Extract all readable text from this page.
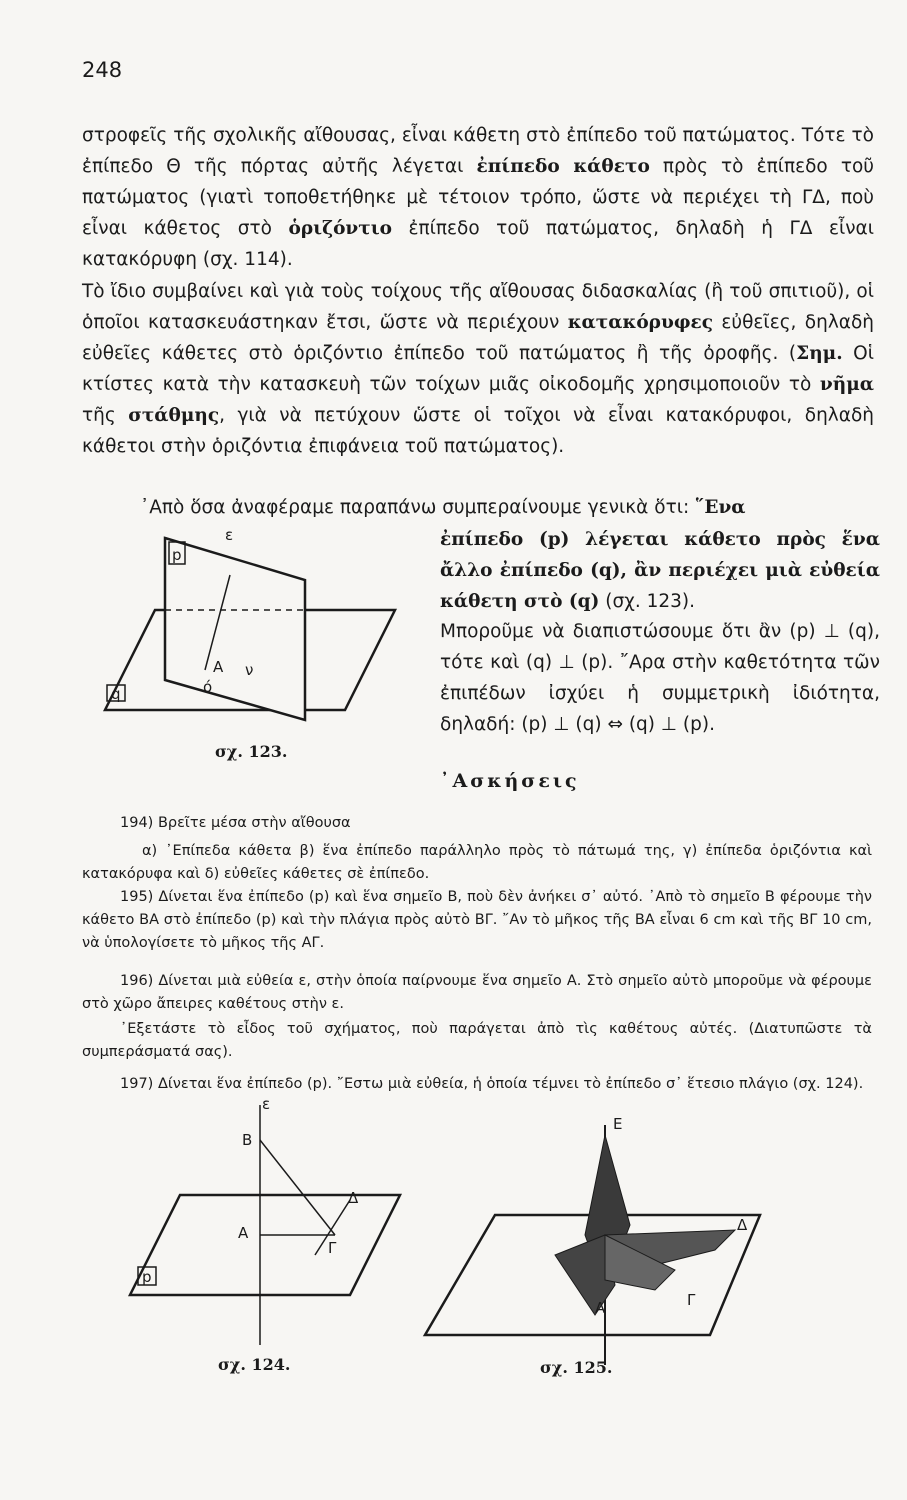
248

στροφεῖς τῆς σχολικῆς αἴθουσας, εἶναι κάθετη στὸ ἐπίπεδο τοῦ πατώματος. Τότε τὸ ἐπίπεδο Θ τῆς πόρτας αὐτῆς λέγεται ἐπίπεδο κάθετο πρὸς τὸ ἐπίπεδο τοῦ πατώματος (γιατὶ τοποθετήθηκε μὲ τέτοιον τρόπο, ὥστε νὰ περιέχει τὴ ΓΔ, ποὺ εἶναι κάθετος στὸ ὁριζόντιο ἐπίπεδο τοῦ πατώματος, δηλαδὴ ἡ ΓΔ εἶναι κατακόρυφη (σχ. 114).

Τὸ ἴδιο συμβαίνει καὶ γιὰ τοὺς τοίχους τῆς αἴθουσας διδασκαλίας (ἢ τοῦ σπιτιοῦ), οἱ ὁποῖοι κατασκευάστηκαν ἔτσι, ὥστε νὰ περιέχουν κατακόρυφες εὐθεῖες, δηλαδὴ εὐθεῖες κάθετες στὸ ὁριζόντιο ἐπίπεδο τοῦ πατώματος ἢ τῆς ὀροφῆς. (Σημ. Οἱ κτίστες κατὰ τὴν κατασκευὴ τῶν τοίχων μιᾶς οἰκοδομῆς χρησιμοποιοῦν τὸ νῆμα τῆς στάθμης, γιὰ νὰ πετύχουν ὥστε οἱ τοῖχοι νὰ εἶναι κατακόρυφοι, δηλαδὴ κάθετοι στὴν ὁριζόντια ἐπιφάνεια τοῦ πατώματος).

᾿Απὸ ὅσα ἀναφέραμε παραπάνω συμπεραίνουμε γενικὰ ὅτι: ῞Ενα

ἐπίπεδο (p) λέγεται κάθετο πρὸς ἕνα ἄλλο ἐπίπεδο (q), ἂν περιέχει μιὰ εὐθεία κάθετη στὸ (q) (σχ. 123).

Μποροῦμε νὰ διαπιστώσουμε ὅτι ἂν (p) ⊥ (q), τότε καὶ (q) ⊥ (p). ῎Αρα στὴν καθετότητα τῶν ἐπιπέδων ἰσχύει ἡ συμμετρικὴ ἰδιότητα, δηλαδή: (p) ⊥ (q) ⇔ (q) ⊥ (p).

᾿Ασκήσεις

194) Βρεῖτε μέσα στὴν αἴθουσα

α) ᾿Επίπεδα κάθετα β) ἕνα ἐπίπεδο παράλληλο πρὸς τὸ πάτωμά της, γ) ἐπίπεδα ὁριζόντια καὶ κατακόρυφα καὶ δ) εὐθεῖες κάθετες σὲ ἐπίπεδο.

195) Δίνεται ἕνα ἐπίπεδο (p) καὶ ἕνα σημεῖο Β, ποὺ δὲν ἀνήκει σ᾿ αὐτό. ᾿Απὸ τὸ σημεῖο Β φέρουμε τὴν κάθετο ΒΑ στὸ ἐπίπεδο (p) καὶ τὴν πλάγια πρὸς αὐτὸ ΒΓ. ῎Αν τὸ μῆκος τῆς ΒΑ εἶναι 6 cm καὶ τῆς ΒΓ 10 cm, νὰ ὑπολογίσετε τὸ μῆκος τῆς ΑΓ.

196) Δίνεται μιὰ εὐθεία ε, στὴν ὁποία παίρνουμε ἕνα σημεῖο Α. Στὸ σημεῖο αὐτὸ μποροῦμε νὰ φέρουμε στὸ χῶρο ἄπειρες καθέτους στὴν ε.

᾿Εξετάστε τὸ εἶδος τοῦ σχήματος, ποὺ παράγεται ἀπὸ τὶς καθέτους αὐτές. (Διατυπῶστε τὰ συμπεράσματά σας).

197) Δίνεται ἕνα ἐπίπεδο (p). ῎Εστω μιὰ εὐθεία, ἡ ὁποία τέμνει τὸ ἐπίπεδο σ᾿ ἕτεσιο πλάγιο (σχ. 124).

p
ε
Α
ό
ν
q
σχ. 123.
ε
Β
Α
Γ
Δ
p
σχ. 124.
Ε
Δ
Α	Γ
σχ. 125.
